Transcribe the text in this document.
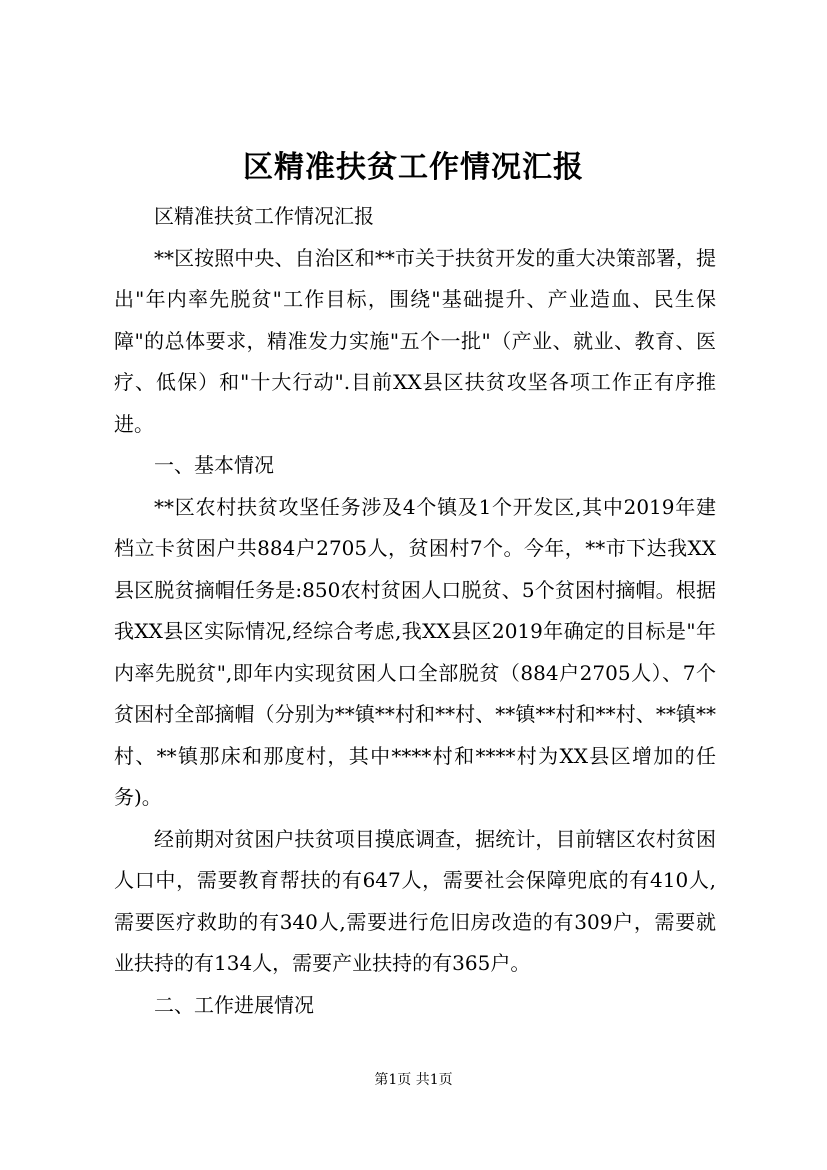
区精准扶贫工作情况汇报

区精准扶贫工作情况汇报

**区按照中央、自治区和**市关于扶贫开发的重大决策部署，提出"年内率先脱贫"工作目标，围绕"基础提升、产业造血、民生保障"的总体要求，精准发力实施"五个一批"（产业、就业、教育、医疗、低保）和"十大行动".目前XX县区扶贫攻坚各项工作正有序推进。

一、基本情况

**区农村扶贫攻坚任务涉及4个镇及1个开发区,其中2019年建档立卡贫困户共884户2705人，贫困村7个。今年，**市下达我XX县区脱贫摘帽任务是:850农村贫困人口脱贫、5个贫困村摘帽。根据我XX县区实际情况,经综合考虑,我XX县区2019年确定的目标是"年内率先脱贫",即年内实现贫困人口全部脱贫（884户2705人）、7个贫困村全部摘帽（分别为**镇**村和**村、**镇**村和**村、**镇**村、**镇那床和那度村，其中****村和****村为XX县区增加的任务)。

经前期对贫困户扶贫项目摸底调查，据统计，目前辖区农村贫困人口中，需要教育帮扶的有647人，需要社会保障兜底的有410人,需要医疗救助的有340人,需要进行危旧房改造的有309户，需要就业扶持的有134人，需要产业扶持的有365户。

二、工作进展情况

第1页 共1页
